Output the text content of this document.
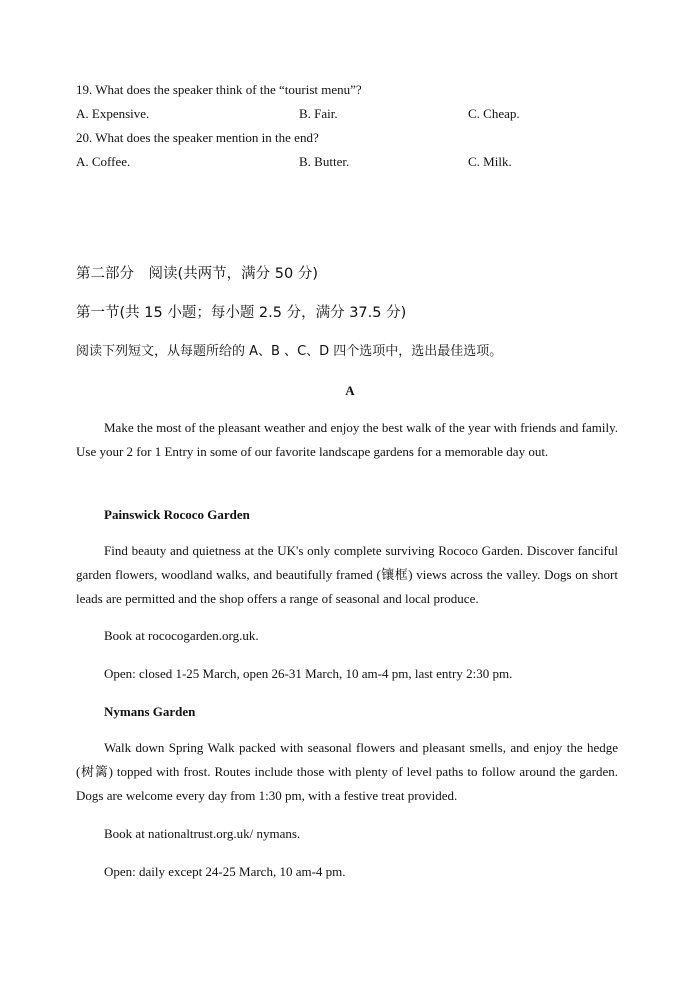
19. What does the speaker think of the “tourist menu”?
A. Expensive.	B. Fair.	C. Cheap.
20. What does the speaker mention in the end?
A. Coffee.	B. Butter.	C. Milk.
第二部分　阅读(共两节，满分 50 分)
第一节(共 15 小题；每小题 2.5 分，满分 37.5 分)
阅读下列短文，从每题所给的 A、B 、C、D 四个选项中，选出最佳选项。
A
Make the most of the pleasant weather and enjoy the best walk of the year with friends and family. Use your 2 for 1 Entry in some of our favorite landscape gardens for a memorable day out.
Painswick Rococo Garden
Find beauty and quietness at the UK's only complete surviving Rococo Garden. Discover fanciful garden flowers, woodland walks, and beautifully framed (镶框) views across the valley. Dogs on short leads are permitted and the shop offers a range of seasonal and local produce.
Book at rococogarden.org.uk.
Open: closed 1-25 March, open 26-31 March, 10 am-4 pm, last entry 2:30 pm.
Nymans Garden
Walk down Spring Walk packed with seasonal flowers and pleasant smells, and enjoy the hedge (树篱) topped with frost. Routes include those with plenty of level paths to follow around the garden. Dogs are welcome every day from 1:30 pm, with a festive treat provided.
Book at nationaltrust.org.uk/ nymans.
Open: daily except 24-25 March, 10 am-4 pm.
